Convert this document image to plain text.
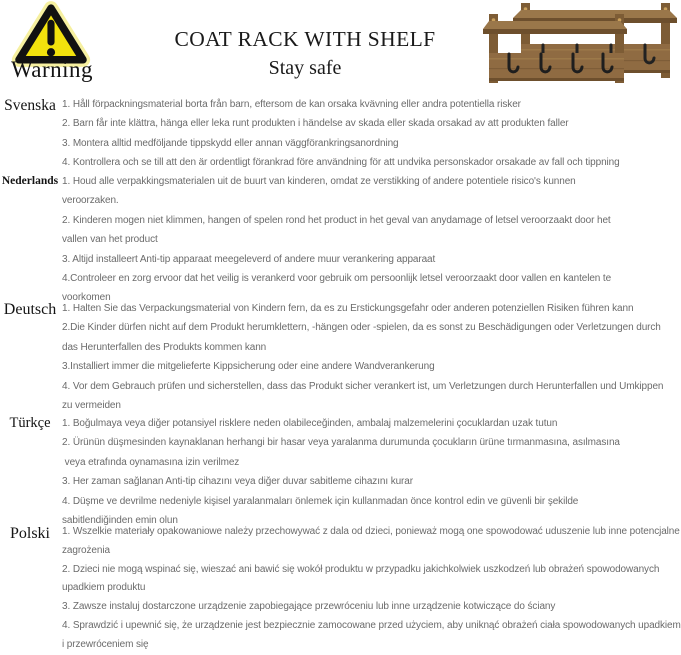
Warning
COAT RACK WITH SHELF
Stay safe
Svenska 1. Håll förpackningsmaterial borta från barn, eftersom de kan orsaka kvävning eller andra potentiella risker
2. Barn får inte klättra, hänga eller leka runt produkten i händelse av skada eller skada orsakad av att produkten faller
3. Montera alltid medföljande tippskydd eller annan väggförankringsanordning
4. Kontrollera och se till att den är ordentligt förankrad före användning för att undvika personskador orsakade av fall och tippning
Nederlands 1. Houd alle verpakkingsmaterialen uit de buurt van kinderen, omdat ze verstikking of andere potentiele risico's kunnen
veroorzaken.
2. Kinderen mogen niet klimmen, hangen of spelen rond het product in het geval van anydamage of letsel veroorzaakt door het
vallen van het product
3. Altijd installeert Anti-tip apparaat meegeleverd of andere muur verankering apparaat
4.Controleer en zorg ervoor dat het veilig is verankerd voor gebruik om persoonlijk letsel veroorzaakt door vallen en kantelen te
voorkomen
Deutsch 1. Halten Sie das Verpackungsmaterial von Kindern fern, da es zu Erstickungsgefahr oder anderen potenziellen Risiken führen kann
2.Die Kinder dürfen nicht auf dem Produkt herumklettern, -hängen oder -spielen, da es sonst zu Beschädigungen oder Verletzungen durch
das Herunterfallen des Produkts kommen kann
3.Installiert immer die mitgelieferte Kippsicherung oder eine andere Wandverankerung
4. Vor dem Gebrauch prüfen und sicherstellen, dass das Produkt sicher verankert ist, um Verletzungen durch Herunterfallen und Umkippen
zu vermeiden
Türkçe	1. Boğulmaya veya diğer potansiyel risklere neden olabileceğinden, ambalaj malzemelerini çocuklardan uzak tutun
2. Ürünün düşmesinden kaynaklanan herhangi bir hasar veya yaralanma durumunda çocukların ürüne tırmanmasına, asılmasına
veya etrafında oynamasına izin verilmez
3. Her zaman sağlanan Anti-tip cihazını veya diğer duvar sabitleme cihazını kurar
4. Düşme ve devrilme nedeniyle kişisel yaralanmaları önlemek için kullanmadan önce kontrol edin ve güvenli bir şekilde
sabitlendiğinden emin olun
Polski	1. Wszelkie materiały opakowaniowe należy przechowywać z dala od dzieci, ponieważ mogą one spowodować uduszenie lub inne potencjalne
zagrożenia
2. Dzieci nie mogą wspinać się, wieszać ani bawić się wokół produktu w przypadku jakichkolwiek uszkodzeń lub obrażeń spowodowanych
upadkiem produktu
3. Zawsze instaluj dostarczone urządzenie zapobiegające przewróceniu lub inne urządzenie kotwiczące do ściany
4. Sprawdzić i upewnić się, że urządzenie jest bezpiecznie zamocowane przed użyciem, aby uniknąć obrażeń ciała spowodowanych upadkiem
i przewróceniem się
